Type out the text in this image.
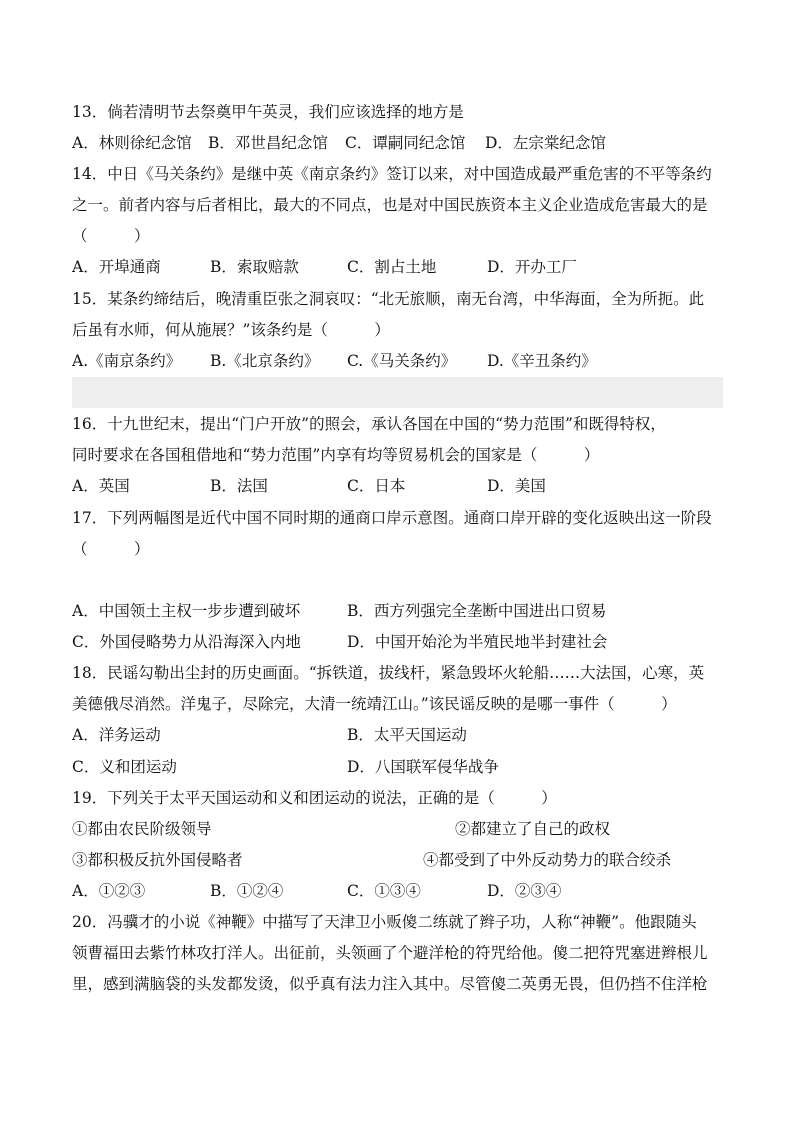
13．倘若清明节去祭奠甲午英灵，我们应该选择的地方是
A．林则徐纪念馆 B．邓世昌纪念馆 C．谭嗣同纪念馆 D．左宗棠纪念馆
14．中日《马关条约》是继中英《南京条约》签订以来，对中国造成最严重危害的不平等条约
之一。前者内容与后者相比，最大的不同点，也是对中国民族资本主义企业造成危害最大的是
（　　　）
A．开埠通商	B．索取赔款	C．割占土地	D．开办工厂
15．某条约缔结后，晚清重臣张之洞哀叹：“北无旅顺，南无台湾，中华海面，全为所扼。此
后虽有水师，何从施展？”该条约是（　　　）
A.《南京条约》 B.《北京条约》 C.《马关条约》 D.《辛丑条约》
16．十九世纪末，提出“门户开放”的照会，承认各国在中国的“势力范围”和既得特权，
同时要求在各国租借地和“势力范围”内享有均等贸易机会的国家是（　　　）
A．英国	B．法国	C．日本	D．美国
17．下列两幅图是近代中国不同时期的通商口岸示意图。通商口岸开辟的变化返映出这一阶段
（　　　）
A．中国领土主权一步步遭到破坏	B．西方列强完全垄断中国进出口贸易
C．外国侵略势力从沿海深入内地	D．中国开始沦为半殖民地半封建社会
18．民谣勾勒出尘封的历史画面。“拆铁道，拔线杆，紧急毁坏火轮船……大法国，心寒，英
美德俄尽消然。洋鬼子，尽除完，大清一统靖江山。”该民谣反映的是哪一事件（　　　）
A．洋务运动	B．太平天国运动
C．义和团运动	D．八国联军侵华战争
19．下列关于太平天国运动和义和团运动的说法，正确的是（　　　）
①都由农民阶级领导	②都建立了自己的政权
③都积极反抗外国侵略者	④都受到了中外反动势力的联合绞杀
A．①②③	B．①②④	C．①③④	D．②③④
20．冯骥才的小说《神鞭》中描写了天津卫小贩傻二练就了辫子功，人称“神鞭”。他跟随头
领曹福田去紫竹林攻打洋人。出征前，头领画了个避洋枪的符咒给他。傻二把符咒塞进辫根儿
里，感到满脑袋的头发都发烫，似乎真有法力注入其中。尽管傻二英勇无畏，但仍挡不住洋枪
